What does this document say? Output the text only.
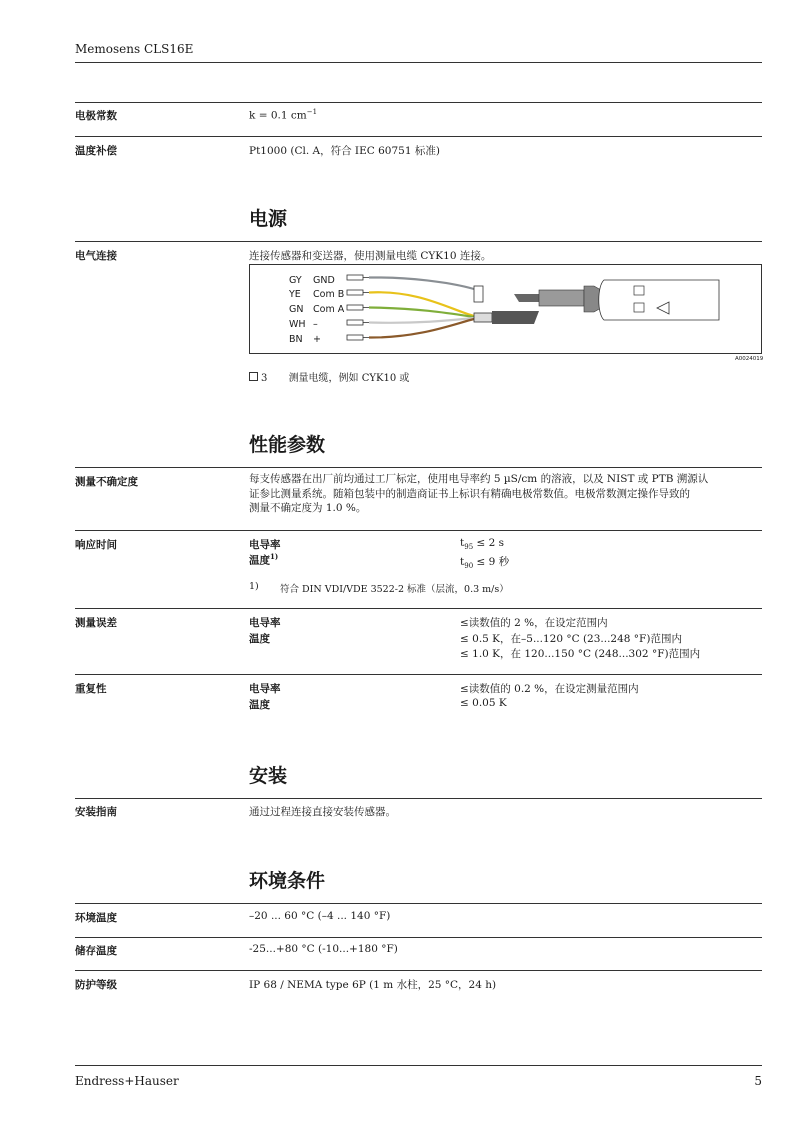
Memosens CLS16E
电极常数	k = 0.1 $cm^{-1}$
温度补偿	Pt1000 (Cl. A，符合 IEC 60751 标准)
电源
电气连接	连接传感器和变送器，使用测量电缆 CYK10 连接。
GY GND
YE Com B
GN Com A
WH –
BN +
A0024019
3 测量电缆，例如 CYK10 或
性能参数
测量不确定度	每支传感器在出厂前均通过工厂标定，使用电导率约 5 µS/cm 的溶液，以及 NIST 或 PTB 溯源认
证参比测量系统。随箱包装中的制造商证书上标识有精确电极常数值。电极常数测定操作导致的
测量不确定度为 1.0 %。
响应时间	电导率	$t_{95} \le 2$ s
温度$^{1)}$	$t_{90} \le 9$ 秒
1) 符合 DIN VDI/VDE 3522-2 标准（层流，0.3 m/s）
测量误差	电导率	≤读数值的 2 %，在设定范围内
温度	≤ 0.5 K，在–5...120 °C (23...248 °F)范围内
≤ 1.0 K，在 120...150 °C (248...302 °F)范围内
重复性	电导率	≤读数值的 0.2 %，在设定测量范围内
温度	≤ 0.05 K
安装
安装指南	通过过程连接直接安装传感器。
环境条件
环境温度	–20 ... 60 °C (–4 ... 140 °F)
储存温度	-25...+80 °C (-10...+180 °F)
防护等级	IP 68 / NEMA type 6P (1 m 水柱，25 °C，24 h)
Endress+Hauser	5
